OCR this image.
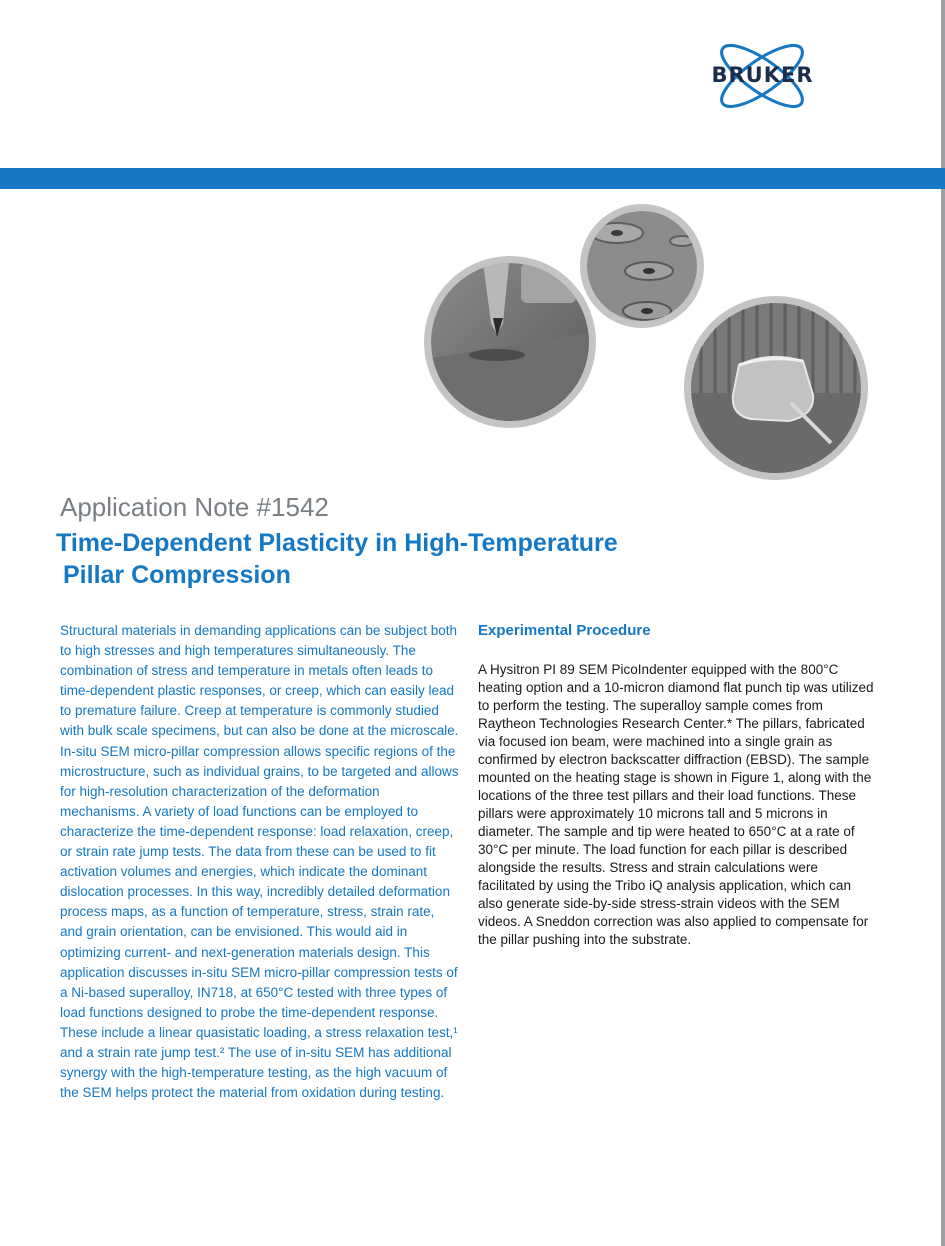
BRUKER
Application Note #1542
Time-Dependent Plasticity in High-Temperature
Pillar Compression
Structural materials in demanding applications can be subject both to high stresses and high temperatures simultaneously. The combination of stress and temperature in metals often leads to time-dependent plastic responses, or creep, which can easily lead to premature failure. Creep at temperature is commonly studied with bulk scale specimens, but can also be done at the microscale. In-situ SEM micro-pillar compression allows specific regions of the microstructure, such as individual grains, to be targeted and allows for high-resolution characterization of the deformation mechanisms. A variety of load functions can be employed to characterize the time-dependent response: load relaxation, creep, or strain rate jump tests. The data from these can be used to fit activation volumes and energies, which indicate the dominant dislocation processes. In this way, incredibly detailed deformation process maps, as a function of temperature, stress, strain rate, and grain orientation, can be envisioned. This would aid in optimizing current- and next-generation materials design. This application discusses in-situ SEM micro-pillar compression tests of a Ni-based superalloy, IN718, at 650°C tested with three types of load functions designed to probe the time-dependent response. These include a linear quasistatic loading, a stress relaxation test,¹ and a strain rate jump test.² The use of in-situ SEM has additional synergy with the high-temperature testing, as the high vacuum of the SEM helps protect the material from oxidation during testing.
Experimental Procedure
A Hysitron PI 89 SEM PicoIndenter equipped with the 800°C heating option and a 10-micron diamond flat punch tip was utilized to perform the testing. The superalloy sample comes from Raytheon Technologies Research Center.* The pillars, fabricated via focused ion beam, were machined into a single grain as confirmed by electron backscatter diffraction (EBSD). The sample mounted on the heating stage is shown in Figure 1, along with the locations of the three test pillars and their load functions. These pillars were approximately 10 microns tall and 5 microns in diameter. The sample and tip were heated to 650°C at a rate of 30°C per minute. The load function for each pillar is described alongside the results. Stress and strain calculations were facilitated by using the Tribo iQ analysis application, which can also generate side-by-side stress-strain videos with the SEM videos. A Sneddon correction was also applied to compensate for the pillar pushing into the substrate.
